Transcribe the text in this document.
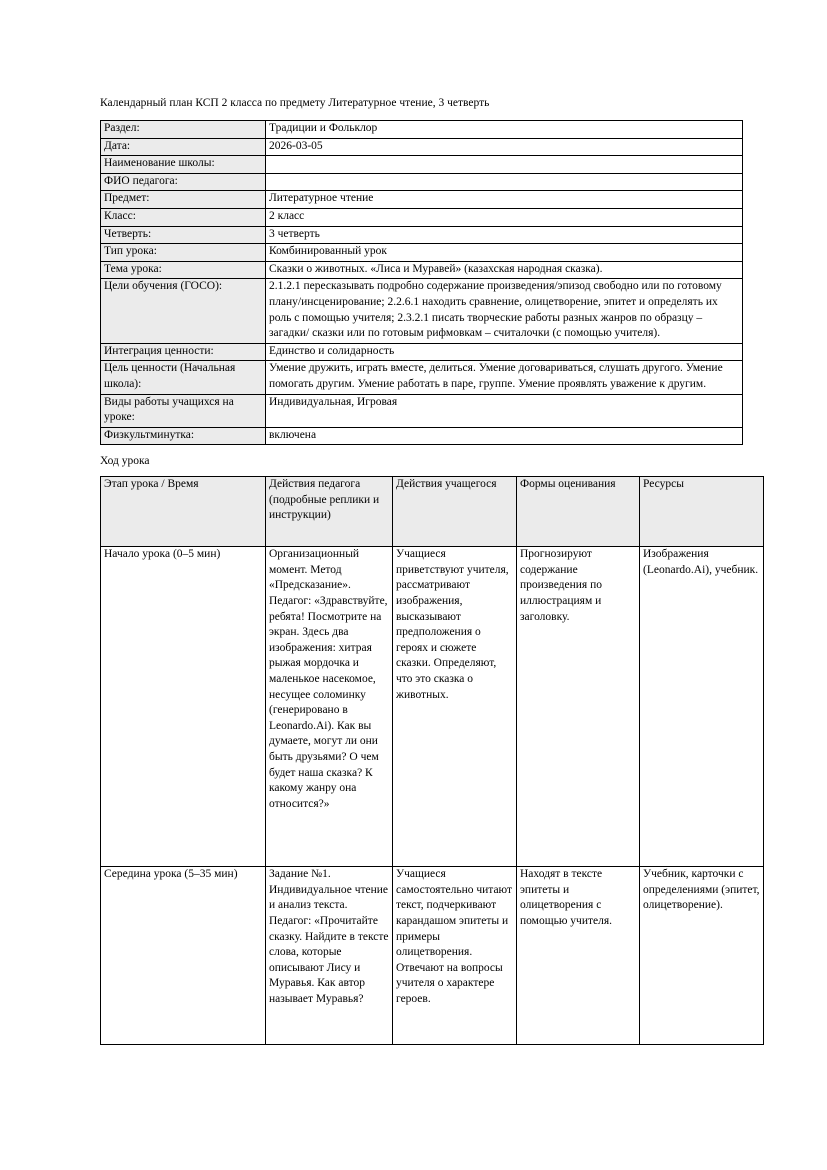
Календарный план КСП 2 класса по предмету Литературное чтение, 3 четверть

Раздел:	Традиции и Фольклор
Дата:	2026-03-05
Наименование школы:	
ФИО педагога:	
Предмет:	Литературное чтение
Класс:	2 класс
Четверть:	3 четверть
Тип урока:	Комбинированный урок
Тема урока:	Сказки о животных. «Лиса и Муравей» (казахская народная сказка).
Цели обучения (ГОСО):	2.1.2.1 пересказывать подробно содержание произведения/эпизод свободно или по готовому плану/инсценирование; 2.2.6.1 находить сравнение, олицетворение, эпитет и определять их роль с помощью учителя; 2.3.2.1 писать творческие работы разных жанров по образцу – загадки/ сказки или по готовым рифмовкам – считалочки (с помощью учителя).
Интеграция ценности:	Единство и солидарность
Цель ценности (Начальная школа):	Умение дружить, играть вместе, делиться. Умение договариваться, слушать другого. Умение помогать другим. Умение работать в паре, группе. Умение проявлять уважение к другим.
Виды работы учащихся на уроке:	Индивидуальная, Игровая
Физкультминутка:	включена

Ход урока

Этап урока / Время	Действия педагога (подробные реплики и инструкции)	Действия учащегося	Формы оценивания	Ресурсы
Начало урока (0–5 мин)	Организационный момент. Метод «Предсказание». Педагог: «Здравствуйте, ребята! Посмотрите на экран. Здесь два изображения: хитрая рыжая мордочка и маленькое насекомое, несущее соломинку (генерировано в Leonardo.Ai). Как вы думаете, могут ли они быть друзьями? О чем будет наша сказка? К какому жанру она относится?»	Учащиеся приветствуют учителя, рассматривают изображения, высказывают предположения о героях и сюжете сказки. Определяют, что это сказка о животных.	Прогнозируют содержание произведения по иллюстрациям и заголовку.	Изображения (Leonardo.Ai), учебник.
Середина урока (5–35 мин)	Задание №1. Индивидуальное чтение и анализ текста. Педагог: «Прочитайте сказку. Найдите в тексте слова, которые описывают Лису и Муравья. Как автор называет Муравья?	Учащиеся самостоятельно читают текст, подчеркивают карандашом эпитеты и примеры олицетворения. Отвечают на вопросы учителя о характере героев.	Находят в тексте эпитеты и олицетворения с помощью учителя.	Учебник, карточки с определениями (эпитет, олицетворение).
